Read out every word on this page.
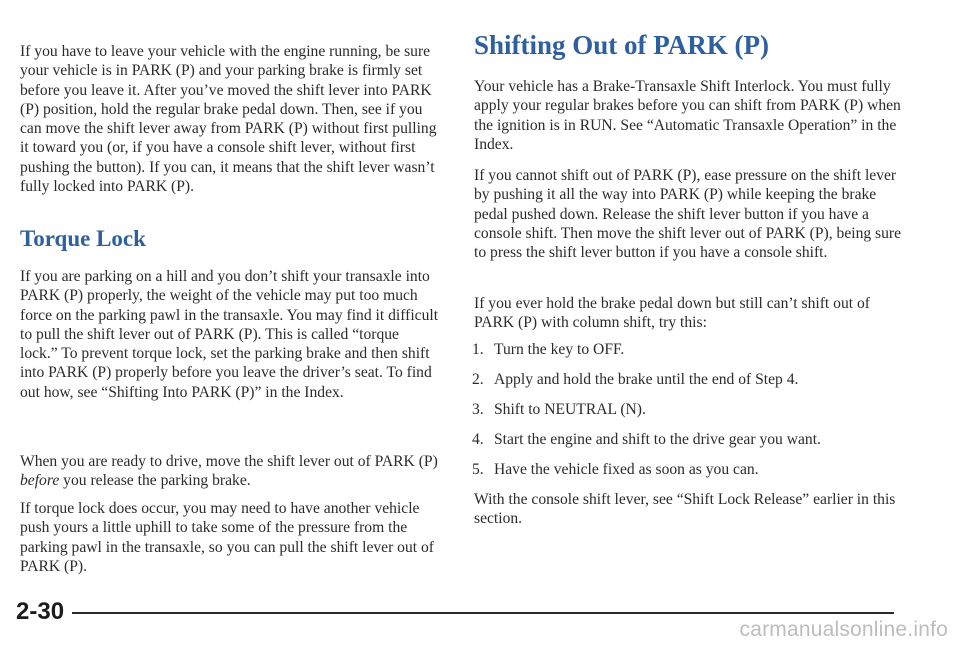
If you have to leave your vehicle with the engine running, be sure your vehicle is in PARK (P) and your parking brake is firmly set before you leave it. After you’ve moved the shift lever into PARK (P) position, hold the regular brake pedal down. Then, see if you can move the shift lever away from PARK (P) without first pulling it toward you (or, if you have a console shift lever, without first pushing the button). If you can, it means that the shift lever wasn’t fully locked into PARK (P).

Torque Lock

If you are parking on a hill and you don’t shift your transaxle into PARK (P) properly, the weight of the vehicle may put too much force on the parking pawl in the transaxle. You may find it difficult to pull the shift lever out of PARK (P). This is called “torque lock.” To prevent torque lock, set the parking brake and then shift into PARK (P) properly before you leave the driver’s seat. To find out how, see “Shifting Into PARK (P)” in the Index.

When you are ready to drive, move the shift lever out of PARK (P) before you release the parking brake.

If torque lock does occur, you may need to have another vehicle push yours a little uphill to take some of the pressure from the parking pawl in the transaxle, so you can pull the shift lever out of PARK (P).

Shifting Out of PARK (P)

Your vehicle has a Brake-Transaxle Shift Interlock. You must fully apply your regular brakes before you can shift from PARK (P) when the ignition is in RUN. See “Automatic Transaxle Operation” in the Index.

If you cannot shift out of PARK (P), ease pressure on the shift lever by pushing it all the way into PARK (P) while keeping the brake pedal pushed down. Release the shift lever button if you have a console shift. Then move the shift lever out of PARK (P), being sure to press the shift lever button if you have a console shift.

If you ever hold the brake pedal down but still can’t shift out of PARK (P) with column shift, try this:

1. Turn the key to OFF.
2. Apply and hold the brake until the end of Step 4.
3. Shift to NEUTRAL (N).
4. Start the engine and shift to the drive gear you want.
5. Have the vehicle fixed as soon as you can.

With the console shift lever, see “Shift Lock Release” earlier in this section.

2-30
carmanualsonline.info
